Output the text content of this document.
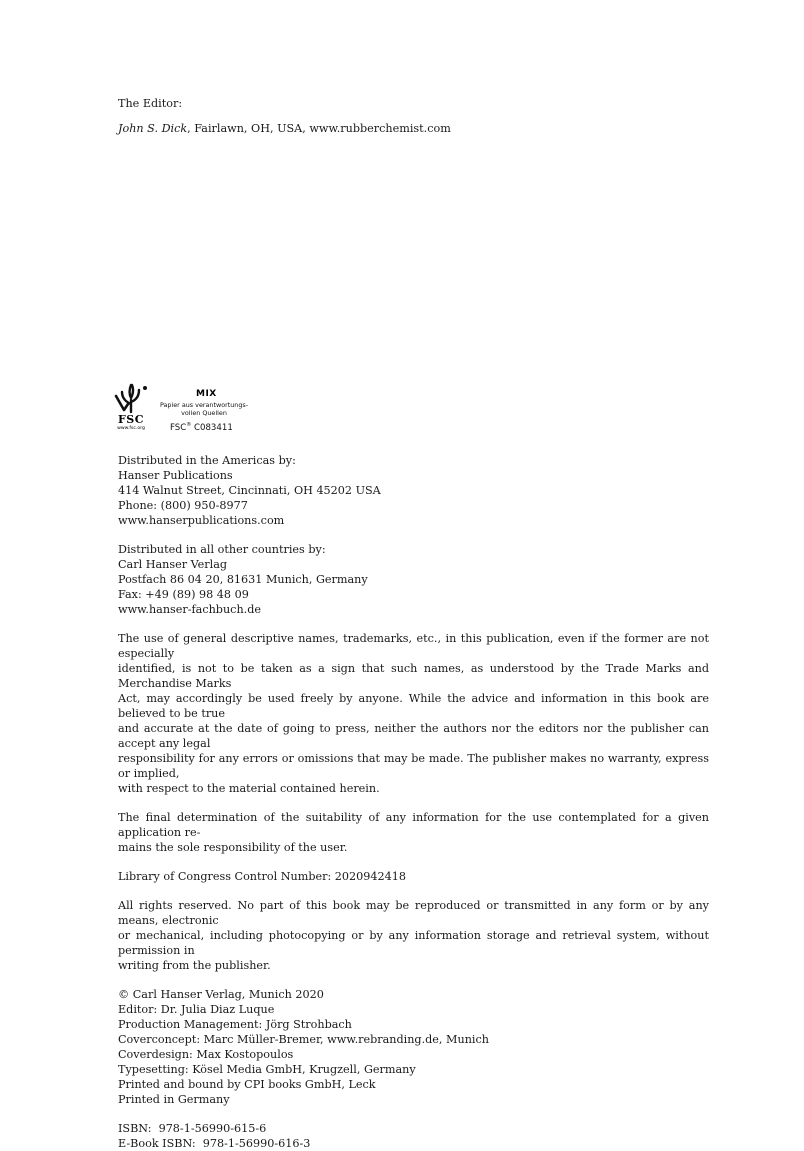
The Editor:
John S. Dick, Fairlawn, OH, USA, www.rubberchemist.com
FSC
www.fsc.org
MIX
Papier aus verantwortungs-
vollen Quellen
FSC® C083411
Distributed in the Americas by:
Hanser Publications
414 Walnut Street, Cincinnati, OH 45202 USA
Phone: (800) 950-8977
www.hanserpublications.com
Distributed in all other countries by:
Carl Hanser Verlag
Postfach 86 04 20, 81631 Munich, Germany
Fax: +49 (89) 98 48 09
www.hanser-fachbuch.de
The use of general descriptive names, trademarks, etc., in this publication, even if the former are not especially
identified, is not to be taken as a sign that such names, as understood by the Trade Marks and Merchandise Marks
Act, may accordingly be used freely by anyone. While the advice and information in this book are believed to be true
and accurate at the date of going to press, neither the authors nor the editors nor the publisher can accept any legal
responsibility for any errors or omissions that may be made. The publisher makes no warranty, express or implied,
with respect to the material contained herein.
The final determination of the suitability of any information for the use contemplated for a given application re-
mains the sole responsibility of the user.
Library of Congress Control Number: 2020942418
All rights reserved. No part of this book may be reproduced or transmitted in any form or by any means, electronic
or mechanical, including photocopying or by any information storage and retrieval system, without permission in
writing from the publisher.
© Carl Hanser Verlag, Munich 2020
Editor: Dr. Julia Diaz Luque
Production Management: Jörg Strohbach
Coverconcept: Marc Müller-Bremer, www.rebranding.de, Munich
Coverdesign: Max Kostopoulos
Typesetting: Kösel Media GmbH, Krugzell, Germany
Printed and bound by CPI books GmbH, Leck
Printed in Germany
ISBN:  978-1-56990-615-6
E-Book ISBN:  978-1-56990-616-3
